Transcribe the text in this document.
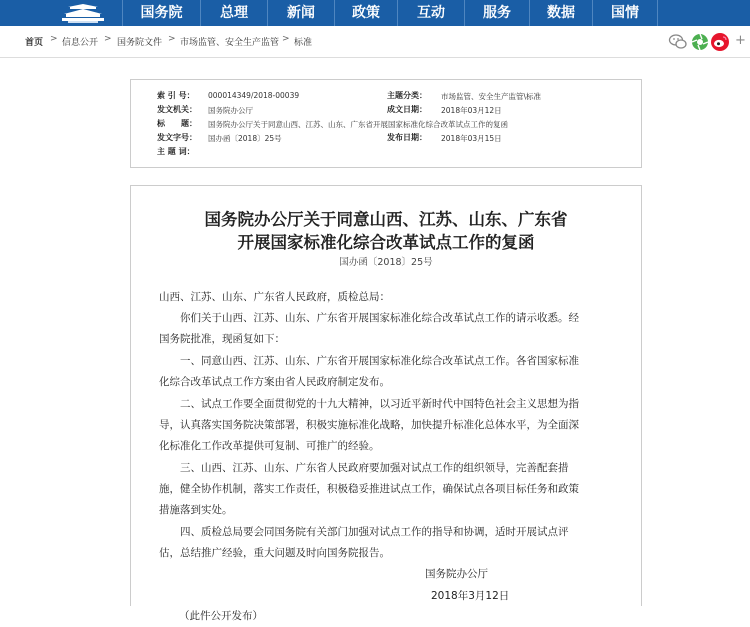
国务院	总理	新闻	政策	互动	服务	数据	国情
首页 > 信息公开 > 国务院文件 > 市场监管、安全生产监管 > 标准	+
索 引 号： 000014349/2018-00039	主题分类： 市场监管、安全生产监管\标准
发文机关： 国务院办公厅	成文日期： 2018年03月12日
标　　题： 国务院办公厅关于同意山西、江苏、山东、广东省开展国家标准化综合改革试点工作的复函
发文字号： 国办函〔2018〕25号	发布日期： 2018年03月15日
主 题 词：
国务院办公厅关于同意山西、江苏、山东、广东省
开展国家标准化综合改革试点工作的复函
国办函〔2018〕25号
山西、江苏、山东、广东省人民政府，质检总局：
　　你们关于山西、江苏、山东、广东省开展国家标准化综合改革试点工作的请示收悉。经
国务院批准，现函复如下：
　　一、同意山西、江苏、山东、广东省开展国家标准化综合改革试点工作。各省国家标准
化综合改革试点工作方案由省人民政府制定发布。
　　二、试点工作要全面贯彻党的十九大精神，以习近平新时代中国特色社会主义思想为指
导，认真落实国务院决策部署，积极实施标准化战略，加快提升标准化总体水平，为全面深
化标准化工作改革提供可复制、可推广的经验。
　　三、山西、江苏、山东、广东省人民政府要加强对试点工作的组织领导，完善配套措
施，健全协作机制，落实工作责任，积极稳妥推进试点工作，确保试点各项目标任务和政策
措施落到实处。
　　四、质检总局要会同国务院有关部门加强对试点工作的指导和协调，适时开展试点评
估，总结推广经验，重大问题及时向国务院报告。
国务院办公厅
2018年3月12日
（此件公开发布）
